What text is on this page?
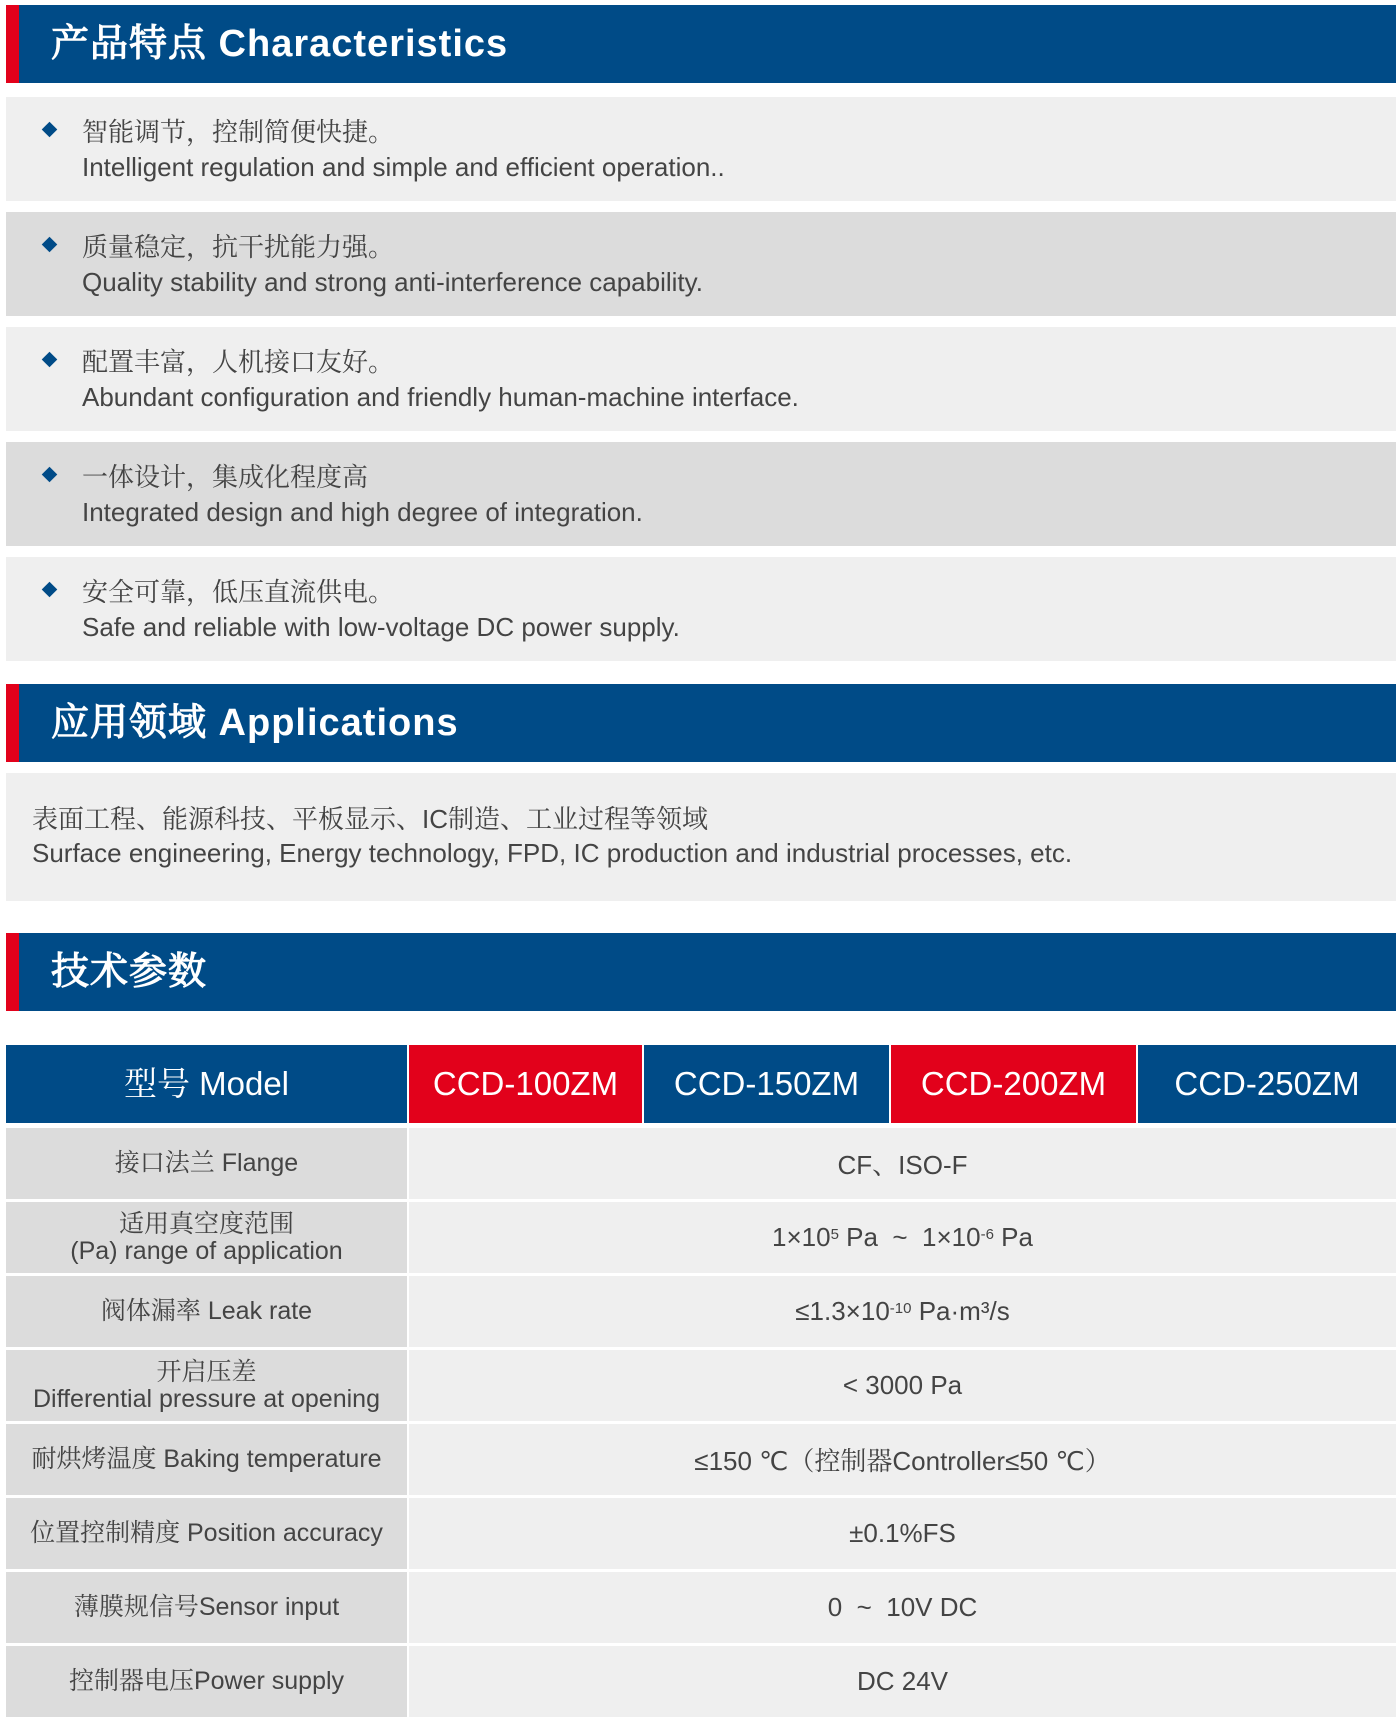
产品特点 Characteristics
智能调节，控制简便快捷。
Intelligent regulation and simple and efficient operation..
质量稳定，抗干扰能力强。
Quality stability and strong anti-interference capability.
配置丰富，人机接口友好。
Abundant configuration and friendly human-machine interface.
一体设计，集成化程度高
Integrated design and high degree of integration.
安全可靠，低压直流供电。
Safe and reliable with low-voltage DC power supply.
应用领域 Applications
表面工程、能源科技、平板显示、IC制造、工业过程等领域
Surface engineering, Energy technology, FPD, IC production and industrial processes, etc.
技术参数
型号 Model	CCD-100ZM	CCD-150ZM	CCD-200ZM	CCD-250ZM
接口法兰 Flange	CF、ISO-F
适用真空度范围
(Pa) range of application	$1\times 10^5$ Pa  ~  $1\times 10^{-6}$ Pa
阀体漏率 Leak rate	$\le 1.3\times 10^{-10}$ Pa·m³/s
开启压差
Differential pressure at opening	< 3000 Pa
耐烘烤温度 Baking temperature	≤150 ℃（控制器Controller≤50 ℃）
位置控制精度 Position accuracy	±0.1%FS
薄膜规信号Sensor input	0  ~  10V DC
控制器电压Power supply	DC 24V
